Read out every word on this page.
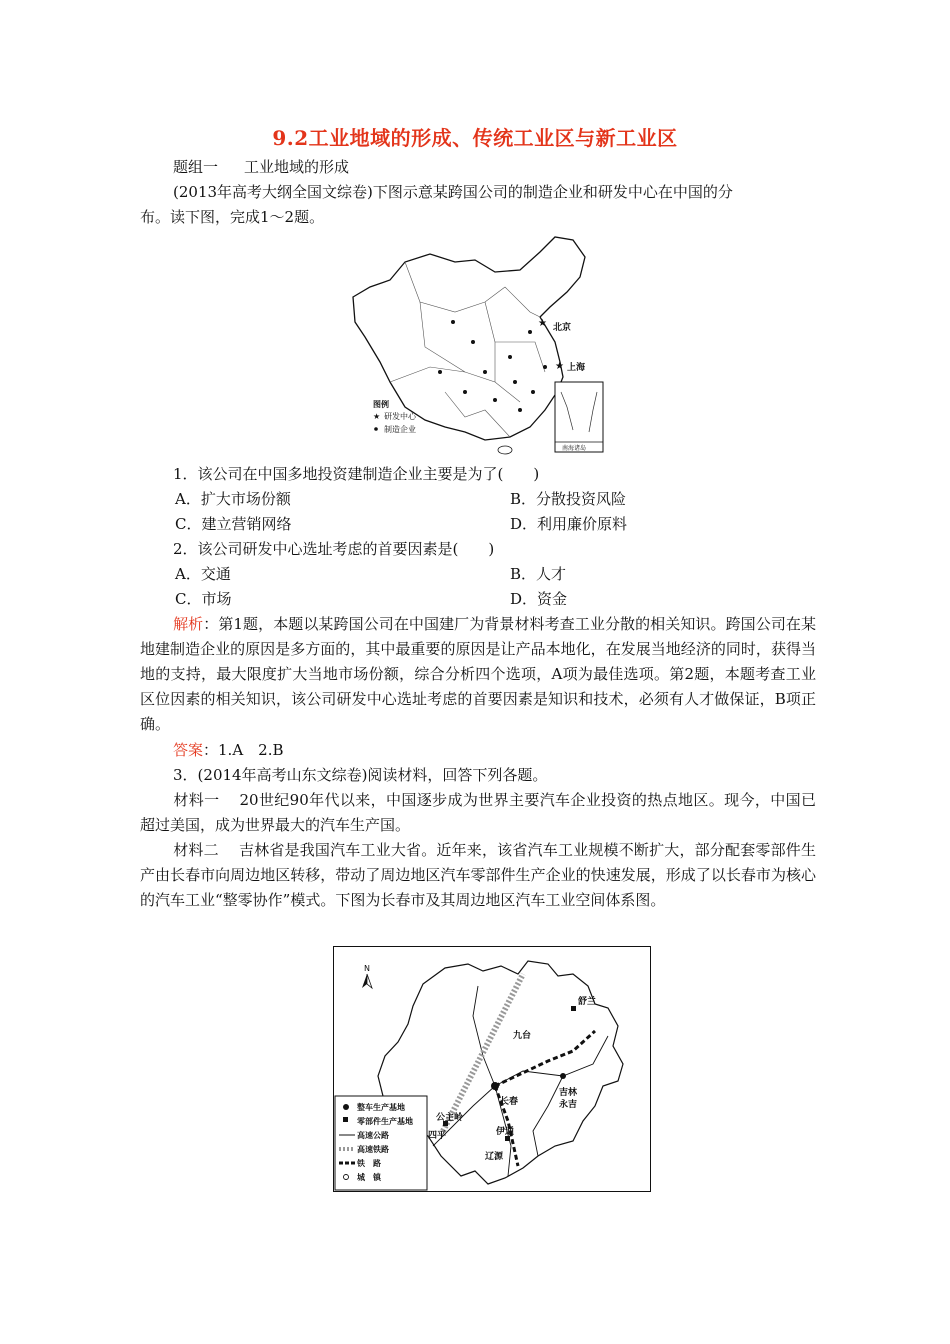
9.2工业地域的形成、传统工业区与新工业区
题组一 工业地域的形成
(2013年高考大纲全国文综卷)下图示意某跨国公司的制造企业和研发中心在中国的分
布。读下图，完成1～2题。
★
★
北京
上海
图例
★ 研发中心
制造企业
南海诸岛
1．该公司在中国多地投资建制造企业主要是为了(　　)
A．扩大市场份额	B．分散投资风险
C．建立营销网络	D．利用廉价原料
2．该公司研发中心选址考虑的首要因素是(　　)
A．交通	B．人才
C．市场	D．资金
解析：第1题，本题以某跨国公司在中国建厂为背景材料考查工业分散的相关知识。跨国公司在某地建制造企业的原因是多方面的，其中最重要的原因是让产品本地化，在发展当地经济的同时，获得当地的支持，最大限度扩大当地市场份额，综合分析四个选项，A项为最佳选项。第2题，本题考查工业区位因素的相关知识，该公司研发中心选址考虑的首要因素是知识和技术，必须有人才做保证，B项正确。
答案：1.A　2.B
3．(2014年高考山东文综卷)阅读材料，回答下列各题。
材料一 20世纪90年代以来，中国逐步成为世界主要汽车企业投资的热点地区。现今，中国已超过美国，成为世界最大的汽车生产国。
材料二 吉林省是我国汽车工业大省。近年来，该省汽车工业规模不断扩大，部分配套零部件生产由长春市向周边地区转移，带动了周边地区汽车零部件生产企业的快速发展，形成了以长春市为核心的汽车工业“整零协作”模式。下图为长春市及其周边地区汽车工业空间体系图。
N
舒兰
九台
长春
吉林
永吉
公主岭
四平	伊通
辽源
整车生产基地
零部件生产基地
高速公路
高速铁路
铁　路
城　镇
